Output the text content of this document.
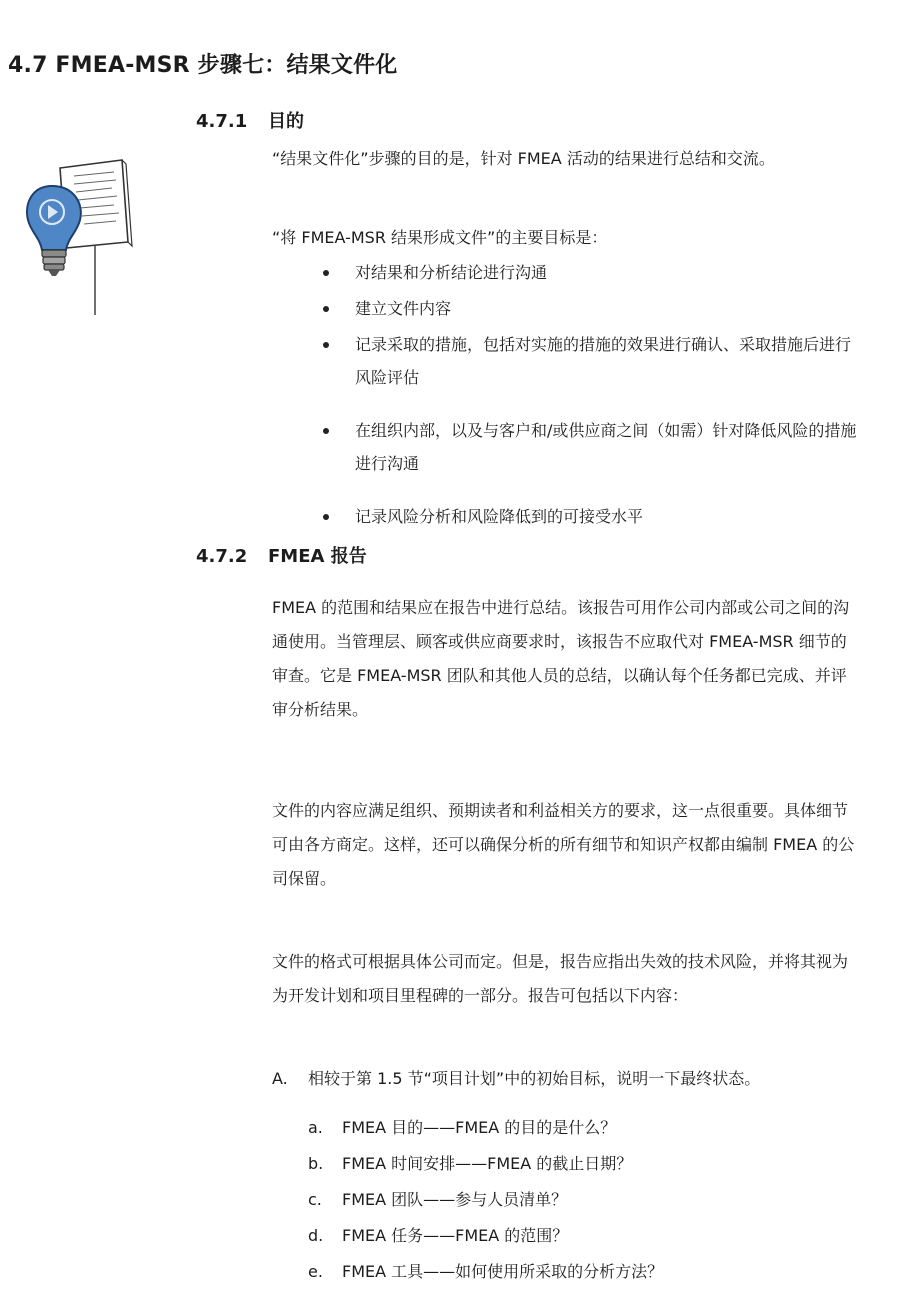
4.7 FMEA-MSR 步骤七：结果文件化
4.7.1 目的
“结果文件化”步骤的目的是，针对 FMEA 活动的结果进行总结和交流。
“将 FMEA-MSR 结果形成文件”的主要目标是：
对结果和分析结论进行沟通
建立文件内容
记录采取的措施，包括对实施的措施的效果进行确认、采取措施后进行风险评估
在组织内部，以及与客户和/或供应商之间（如需）针对降低风险的措施进行沟通
记录风险分析和风险降低到的可接受水平
4.7.2 FMEA 报告
FMEA 的范围和结果应在报告中进行总结。该报告可用作公司内部或公司之间的沟通使用。当管理层、顾客或供应商要求时，该报告不应取代对 FMEA-MSR 细节的审查。它是 FMEA-MSR 团队和其他人员的总结，以确认每个任务都已完成、并评审分析结果。
文件的内容应满足组织、预期读者和利益相关方的要求，这一点很重要。具体细节可由各方商定。这样，还可以确保分析的所有细节和知识产权都由编制 FMEA 的公司保留。
文件的格式可根据具体公司而定。但是，报告应指出失效的技术风险，并将其视为为开发计划和项目里程碑的一部分。报告可包括以下内容：
A. 相较于第 1.5 节“项目计划”中的初始目标，说明一下最终状态。
a. FMEA 目的——FMEA 的目的是什么？
b. FMEA 时间安排——FMEA 的截止日期？
c. FMEA 团队——参与人员清单？
d. FMEA 任务——FMEA 的范围？
e. FMEA 工具——如何使用所采取的分析方法？
